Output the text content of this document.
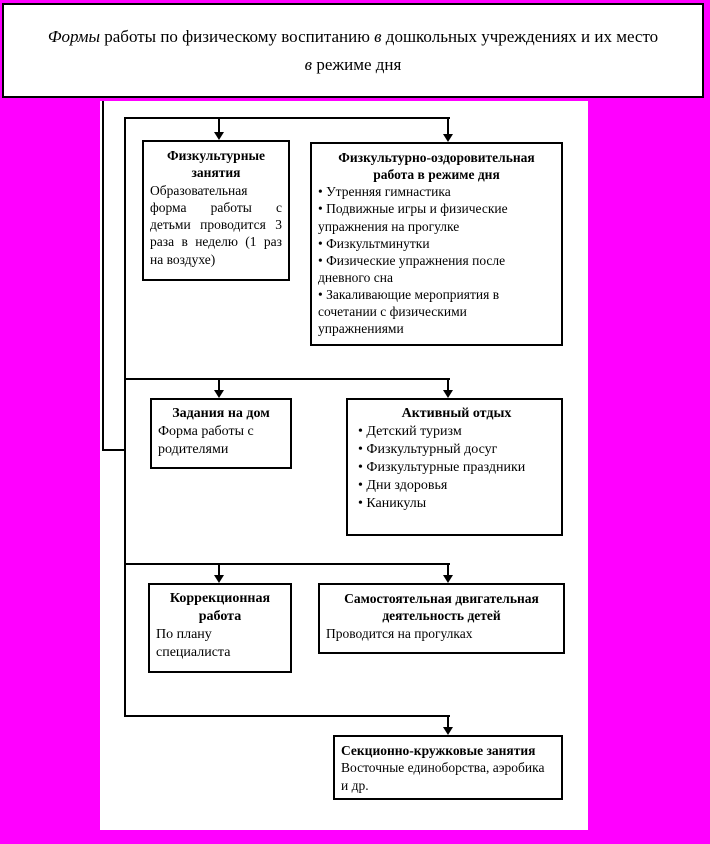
Формы работы по физическому воспитанию в дошкольных учреждениях и их место
в режиме дня
Физкультурные занятия
Образовательная форма работы с детьми проводится 3 раза в неделю (1 раз на воздухе)
Физкультурно-оздоровительная работа в режиме дня
• Утренняя гимнастика
• Подвижные игры и физические упражнения на прогулке
• Физкультминутки
• Физические упражнения после дневного сна
• Закаливающие мероприятия в сочетании с физическими упражнениями
Задания на дом
Форма работы с родителями
Активный отдых
• Детский туризм
• Физкультурный досуг
• Физкультурные праздники
• Дни здоровья
• Каникулы
Коррекционная работа
По плану специалиста
Самостоятельная двигательная деятельность детей
Проводится на прогулках
Секционно-кружковые занятия
Восточные единоборства, аэробика и др.
